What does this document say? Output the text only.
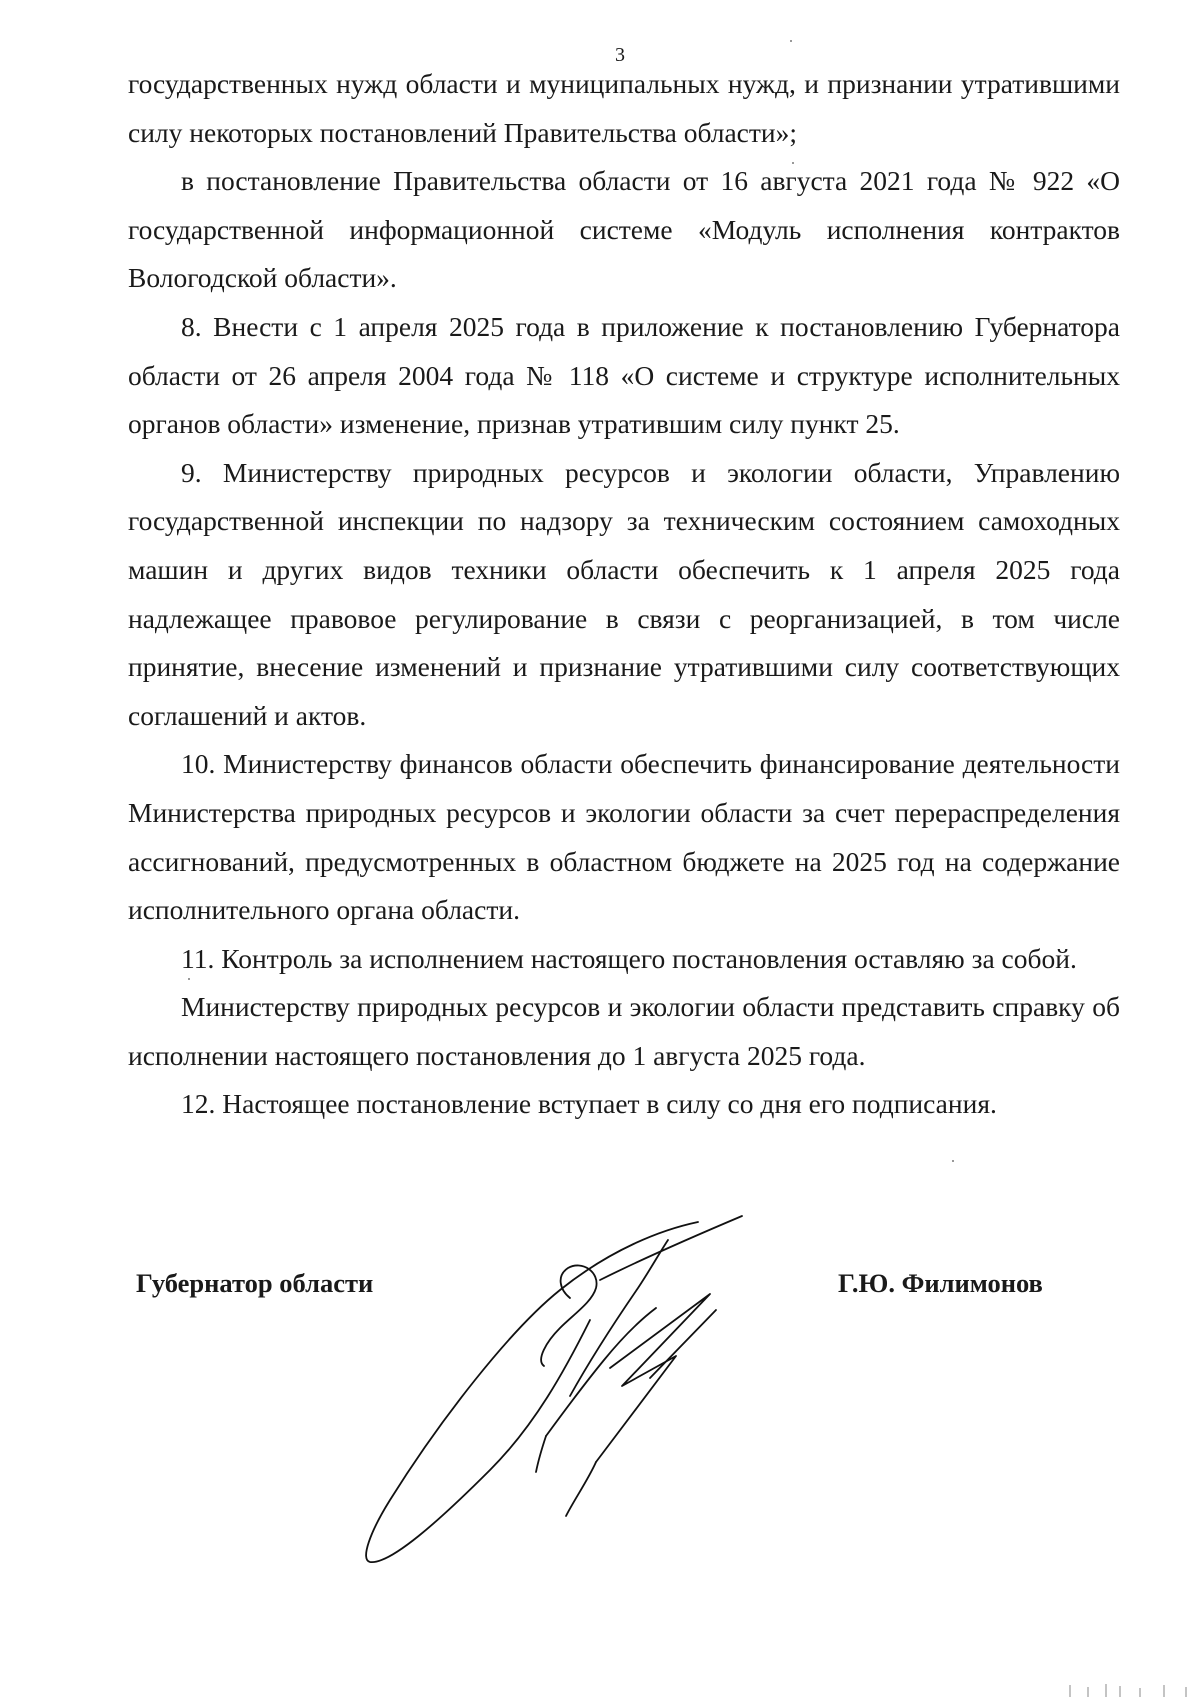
3

государственных нужд области и муниципальных нужд, и признании утратившими силу некоторых постановлений Правительства области»;

в постановление Правительства области от 16 августа 2021 года № 922 «О государственной информационной системе «Модуль исполнения контрактов Вологодской области».

8. Внести с 1 апреля 2025 года в приложение к постановлению Губернатора области от 26 апреля 2004 года № 118 «О системе и структуре исполнительных органов области» изменение, признав утратившим силу пункт 25.

9. Министерству природных ресурсов и экологии области, Управлению государственной инспекции по надзору за техническим состоянием самоходных машин и других видов техники области обеспечить к 1 апреля 2025 года надлежащее правовое регулирование в связи с реорганизацией, в том числе принятие, внесение изменений и признание утратившими силу соответствующих соглашений и актов.

10. Министерству финансов области обеспечить финансирование деятельности Министерства природных ресурсов и экологии области за счет перераспределения ассигнований, предусмотренных в областном бюджете на 2025 год на содержание исполнительного органа области.

11. Контроль за исполнением настоящего постановления оставляю за собой.

Министерству природных ресурсов и экологии области представить справку об исполнении настоящего постановления до 1 августа 2025 года.

12. Настоящее постановление вступает в силу со дня его подписания.

Губернатор области	Г.Ю. Филимонов
